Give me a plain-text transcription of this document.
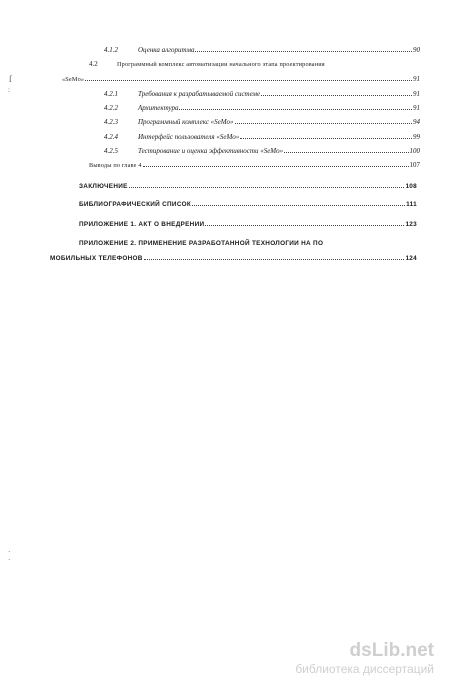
4.1.2	Оценка алгоритма	90
4.2	Программный комплекс автоматизации начального этапа проектирования
«SeMo»	91
4.2.1	Требования к разрабатываемой системе	91
4.2.2	Архитектура	91
4.2.3	Программный комплекс «SeMo»	94
4.2.4	Интерфейс пользователя «SeMo»	99
4.2.5	Тестирование и оценка эффективности «SeMo»	100
Выводы по главе 4	107
ЗАКЛЮЧЕНИЕ	108
БИБЛИОГРАФИЧЕСКИЙ СПИСОК	111
ПРИЛОЖЕНИЕ 1. АКТ О ВНЕДРЕНИИ	123
ПРИЛОЖЕНИЕ 2. ПРИМЕНЕНИЕ РАЗРАБОТАННОЙ ТЕХНОЛОГИИ НА ПО
МОБИЛЬНЫХ ТЕЛЕФОНОВ	124
ſ
:
·
·
dsLib.net
библиотека диссертаций
